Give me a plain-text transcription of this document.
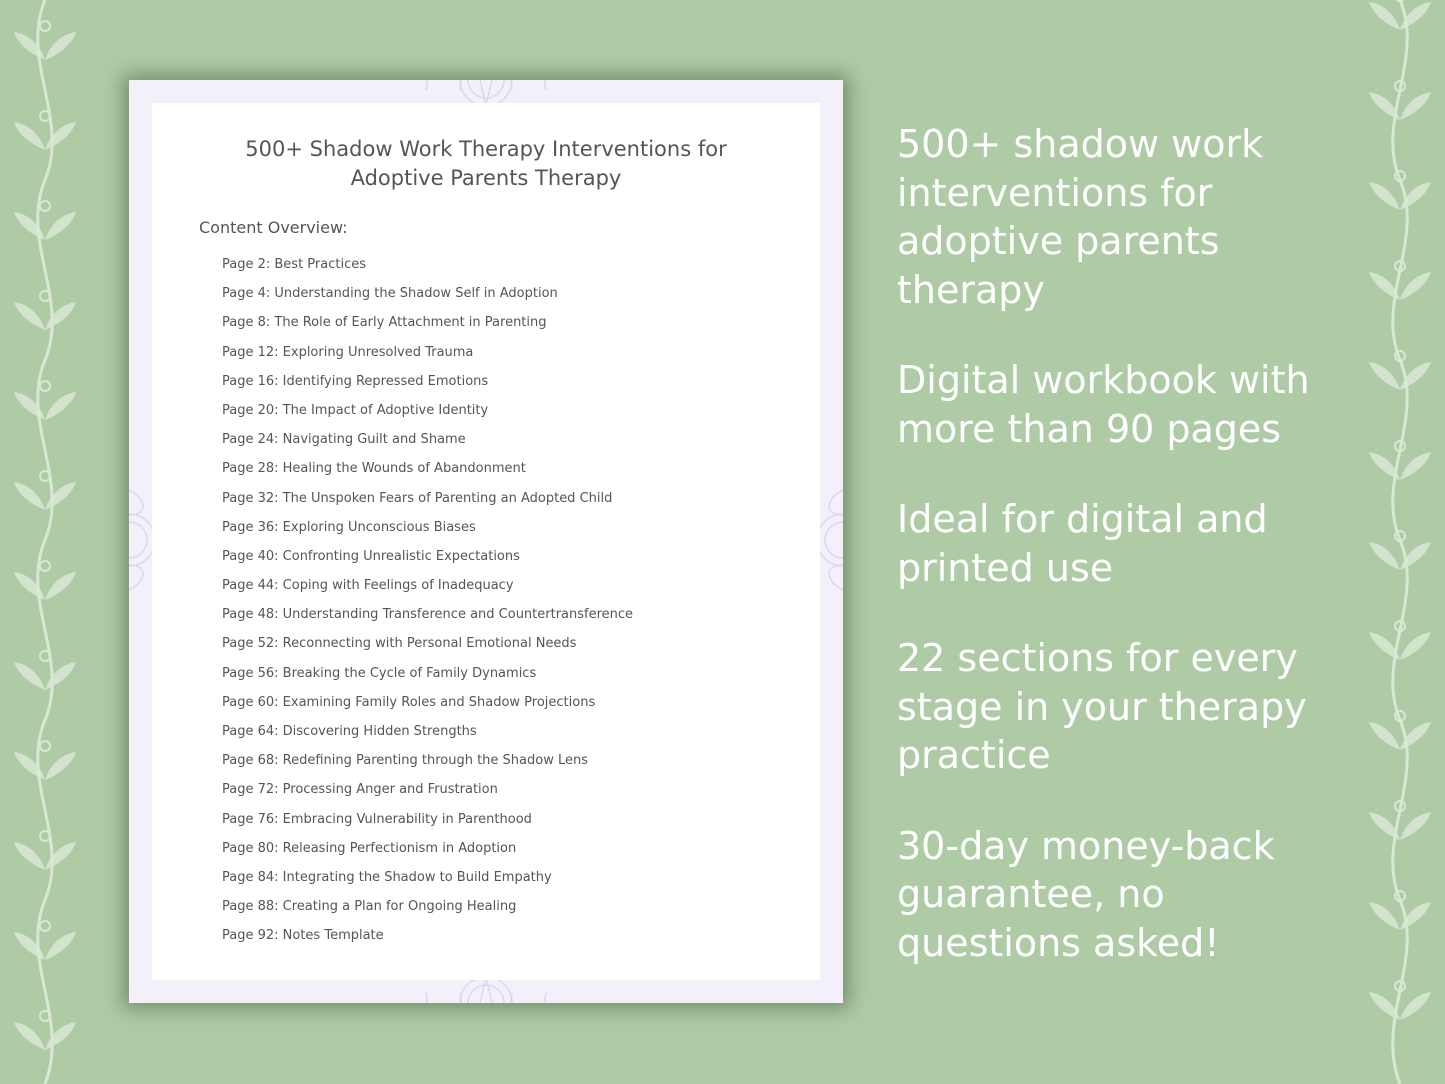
500+ Shadow Work Therapy Interventions for
Adoptive Parents Therapy
Content Overview:
Page 2: Best Practices
Page 4: Understanding the Shadow Self in Adoption
Page 8: The Role of Early Attachment in Parenting
Page 12: Exploring Unresolved Trauma
Page 16: Identifying Repressed Emotions
Page 20: The Impact of Adoptive Identity
Page 24: Navigating Guilt and Shame
Page 28: Healing the Wounds of Abandonment
Page 32: The Unspoken Fears of Parenting an Adopted Child
Page 36: Exploring Unconscious Biases
Page 40: Confronting Unrealistic Expectations
Page 44: Coping with Feelings of Inadequacy
Page 48: Understanding Transference and Countertransference
Page 52: Reconnecting with Personal Emotional Needs
Page 56: Breaking the Cycle of Family Dynamics
Page 60: Examining Family Roles and Shadow Projections
Page 64: Discovering Hidden Strengths
Page 68: Redefining Parenting through the Shadow Lens
Page 72: Processing Anger and Frustration
Page 76: Embracing Vulnerability in Parenthood
Page 80: Releasing Perfectionism in Adoption
Page 84: Integrating the Shadow to Build Empathy
Page 88: Creating a Plan for Ongoing Healing
Page 92: Notes Template

500+ shadow work
interventions for
adoptive parents
therapy

Digital workbook with
more than 90 pages

Ideal for digital and
printed use

22 sections for every
stage in your therapy
practice

30-day money-back
guarantee, no
questions asked!
